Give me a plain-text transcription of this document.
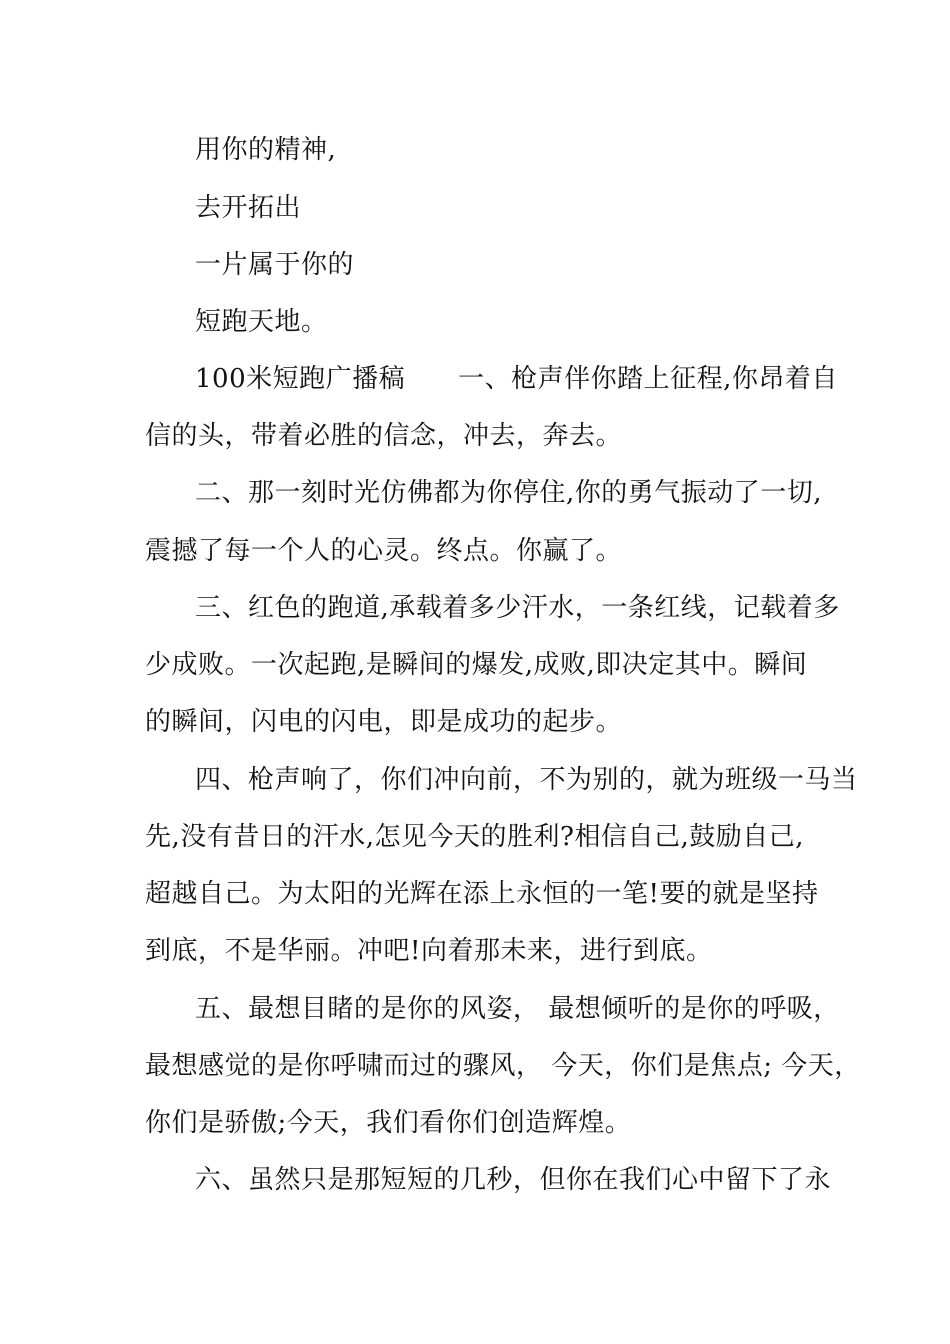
用你的精神,
去开拓出
一片属于你的
短跑天地。
100米短跑广播稿　　一、枪声伴你踏上征程,你昂着自
信的头，带着必胜的信念，冲去，奔去。
二、那一刻时光仿佛都为你停住,你的勇气振动了一切,
震撼了每一个人的心灵。终点。你赢了。
三、红色的跑道,承载着多少汗水，一条红线，记载着多
少成败。一次起跑,是瞬间的爆发,成败,即决定其中。瞬间
的瞬间，闪电的闪电，即是成功的起步。
四、枪声响了，你们冲向前，不为别的，就为班级一马当
先,没有昔日的汗水,怎见今天的胜利?相信自己,鼓励自己,
超越自己。为太阳的光辉在添上永恒的一笔!要的就是坚持
到底，不是华丽。冲吧!向着那未来，进行到底。
五、最想目睹的是你的风姿， 最想倾听的是你的呼吸，
最想感觉的是你呼啸而过的骤风， 今天，你们是焦点; 今天，
你们是骄傲;今天，我们看你们创造辉煌。
六、虽然只是那短短的几秒，但你在我们心中留下了永
